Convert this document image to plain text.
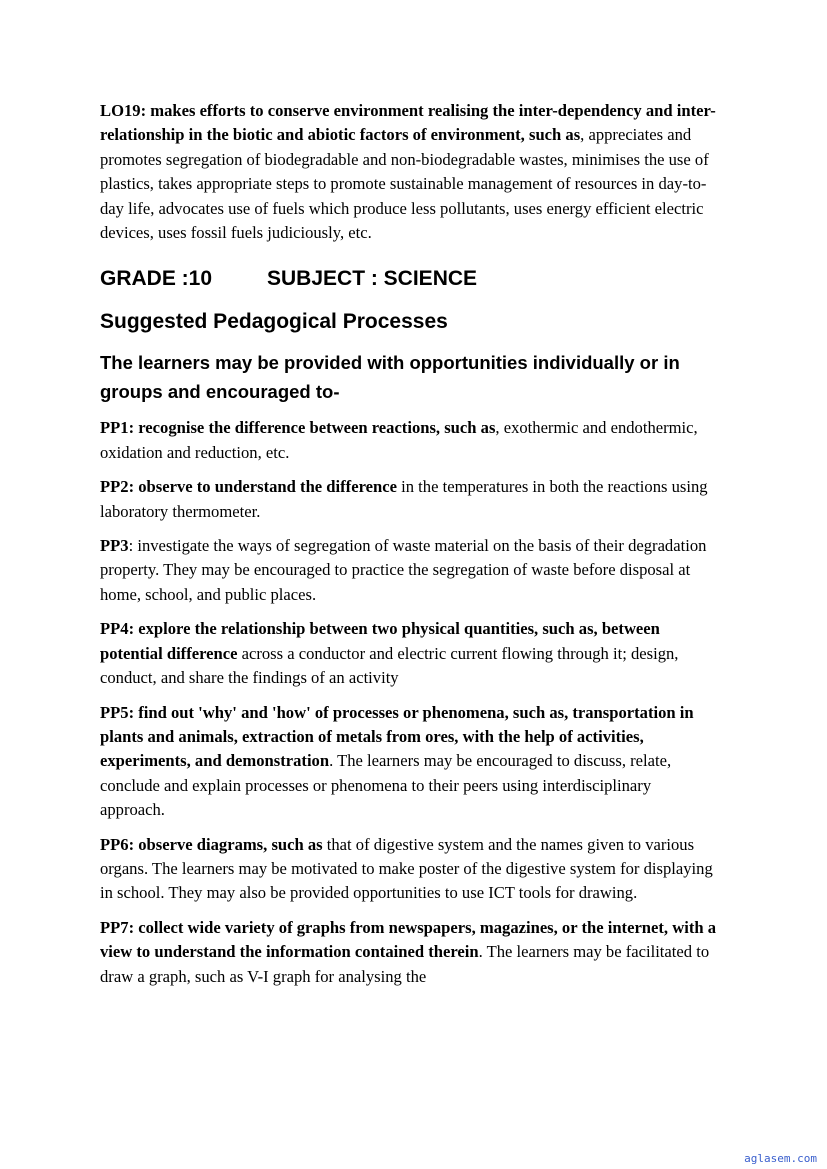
LO19: makes efforts to conserve environment realising the inter-dependency and inter-relationship in the biotic and abiotic factors of environment, such as, appreciates and promotes segregation of biodegradable and non-biodegradable wastes, minimises the use of plastics, takes appropriate steps to promote sustainable management of resources in day-to-day life, advocates use of fuels which produce less pollutants, uses energy efficient electric devices, uses fossil fuels judiciously, etc.

GRADE :10	SUBJECT : SCIENCE
Suggested Pedagogical Processes
The learners may be provided with opportunities individually or in groups and encouraged to-

PP1: recognise the difference between reactions, such as, exothermic and endothermic, oxidation and reduction, etc.

PP2: observe to understand the difference in the temperatures in both the reactions using laboratory thermometer.

PP3: investigate the ways of segregation of waste material on the basis of their degradation property. They may be encouraged to practice the segregation of waste before disposal at home, school, and public places.

PP4: explore the relationship between two physical quantities, such as, between potential difference across a conductor and electric current flowing through it; design, conduct, and share the findings of an activity

PP5: find out 'why' and 'how' of processes or phenomena, such as, transportation in plants and animals, extraction of metals from ores, with the help of activities, experiments, and demonstration. The learners may be encouraged to discuss, relate, conclude and explain processes or phenomena to their peers using interdisciplinary approach.

PP6: observe diagrams, such as that of digestive system and the names given to various organs. The learners may be motivated to make poster of the digestive system for displaying in school. They may also be provided opportunities to use ICT tools for drawing.

PP7: collect wide variety of graphs from newspapers, magazines, or the internet, with a view to understand the information contained therein. The learners may be facilitated to draw a graph, such as V-I graph for analysing the

aglasem.com
